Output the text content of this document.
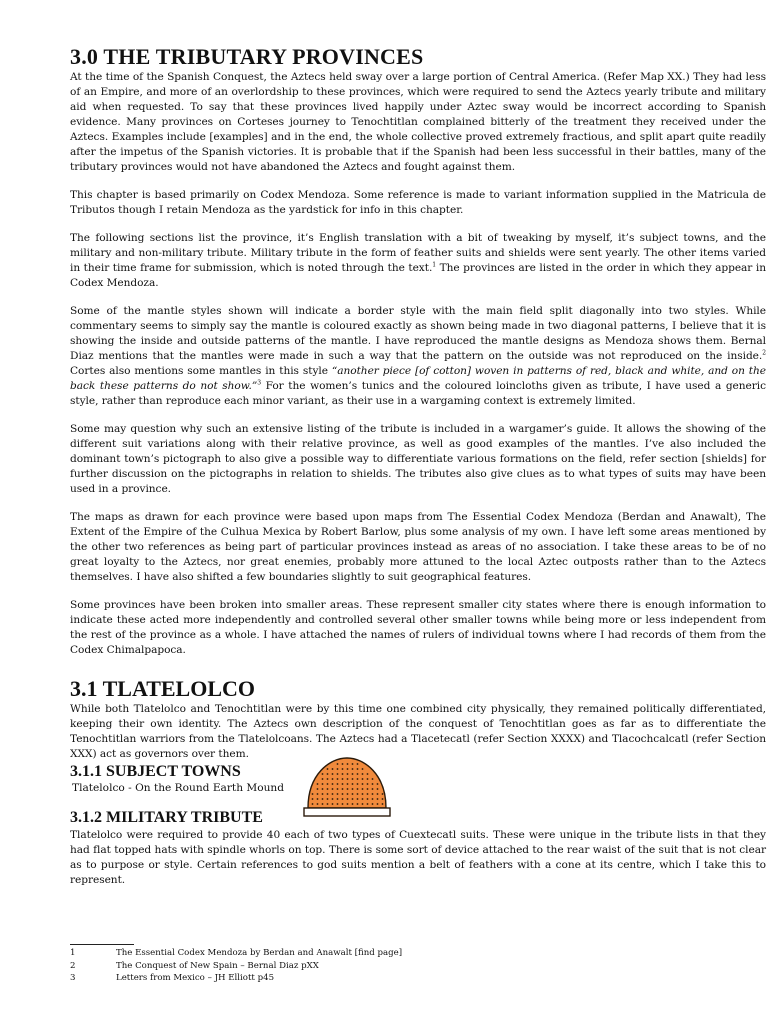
3.0 THE TRIBUTARY PROVINCES

At the time of the Spanish Conquest, the Aztecs held sway over a large portion of Central America. (Refer Map XX.) They had less of an Empire, and more of an overlordship to these provinces, which were required to send the Aztecs yearly tribute and military aid when requested. To say that these provinces lived happily under Aztec sway would be incorrect according to Spanish evidence. Many provinces on Corteses journey to Tenochtitlan complained bitterly of the treatment they received under the Aztecs. Examples include [examples] and in the end, the whole collective proved extremely fractious, and split apart quite readily after the impetus of the Spanish victories. It is probable that if the Spanish had been less successful in their battles, many of the tributary provinces would not have abandoned the Aztecs and fought against them.

This chapter is based primarily on Codex Mendoza. Some reference is made to variant information supplied in the Matricula de Tributos though I retain Mendoza as the yardstick for info in this chapter.

The following sections list the province, it’s English translation with a bit of tweaking by myself, it’s subject towns, and the military and non-military tribute. Military tribute in the form of feather suits and shields were sent yearly. The other items varied in their time frame for submission, which is noted through the text.$^1$ The provinces are listed in the order in which they appear in Codex Mendoza.

Some of the mantle styles shown will indicate a border style with the main field split diagonally into two styles. While commentary seems to simply say the mantle is coloured exactly as shown being made in two diagonal patterns, I believe that it is showing the inside and outside patterns of the mantle. I have reproduced the mantle designs as Mendoza shows them. Bernal Diaz mentions that the mantles were made in such a way that the pattern on the outside was not reproduced on the inside.$^2$ Cortes also mentions some mantles in this style “another piece [of cotton] woven in patterns of red, black and white, and on the back these patterns do not show.”$^3$ For the women’s tunics and the coloured loincloths given as tribute, I have used a generic style, rather than reproduce each minor variant, as their use in a wargaming context is extremely limited.

Some may question why such an extensive listing of the tribute is included in a wargamer’s guide. It allows the showing of the different suit variations along with their relative province, as well as good examples of the mantles. I’ve also included the dominant town’s pictograph to also give a possible way to differentiate various formations on the field, refer section [shields] for further discussion on the pictographs in relation to shields. The tributes also give clues as to what types of suits may have been used in a province.

The maps as drawn for each province were based upon maps from The Essential Codex Mendoza (Berdan and Anawalt), The Extent of the Empire of the Culhua Mexica by Robert Barlow, plus some analysis of my own. I have left some areas mentioned by the other two references as being part of particular provinces instead as areas of no association. I take these areas to be of no great loyalty to the Aztecs, nor great enemies, probably more attuned to the local Aztec outposts rather than to the Aztecs themselves. I have also shifted a few boundaries slightly to suit geographical features.

Some provinces have been broken into smaller areas. These represent smaller city states where there is enough information to indicate these acted more independently and controlled several other smaller towns while being more or less independent from the rest of the province as a whole. I have attached the names of rulers of individual towns where I had records of them from the Codex Chimalpapoca.

3.1 TLATELOLCO

While both Tlatelolco and Tenochtitlan were by this time one combined city physically, they remained politically differentiated, keeping their own identity. The Aztecs own description of the conquest of Tenochtitlan goes as far as to differentiate the Tenochtitlan warriors from the Tlatelolcoans. The Aztecs had a Tlacetecatl (refer Section XXXX) and Tlacochcalcatl (refer Section XXX) act as governors over them.

3.1.1 SUBJECT TOWNS
Tlatelolco - On the Round Earth Mound
3.1.2 MILITARY TRIBUTE

Tlatelolco were required to provide 40 each of two types of Cuextecatl suits. These were unique in the tribute lists in that they had flat topped hats with spindle whorls on top. There is some sort of device attached to the rear waist of the suit that is not clear as to purpose or style. Certain references to god suits mention a belt of feathers with a cone at its centre, which I take this to represent.

1	The Essential Codex Mendoza by Berdan and Anawalt [find page]
2	The Conquest of New Spain – Bernal Diaz pXX
3	Letters from Mexico – JH Elliott p45
